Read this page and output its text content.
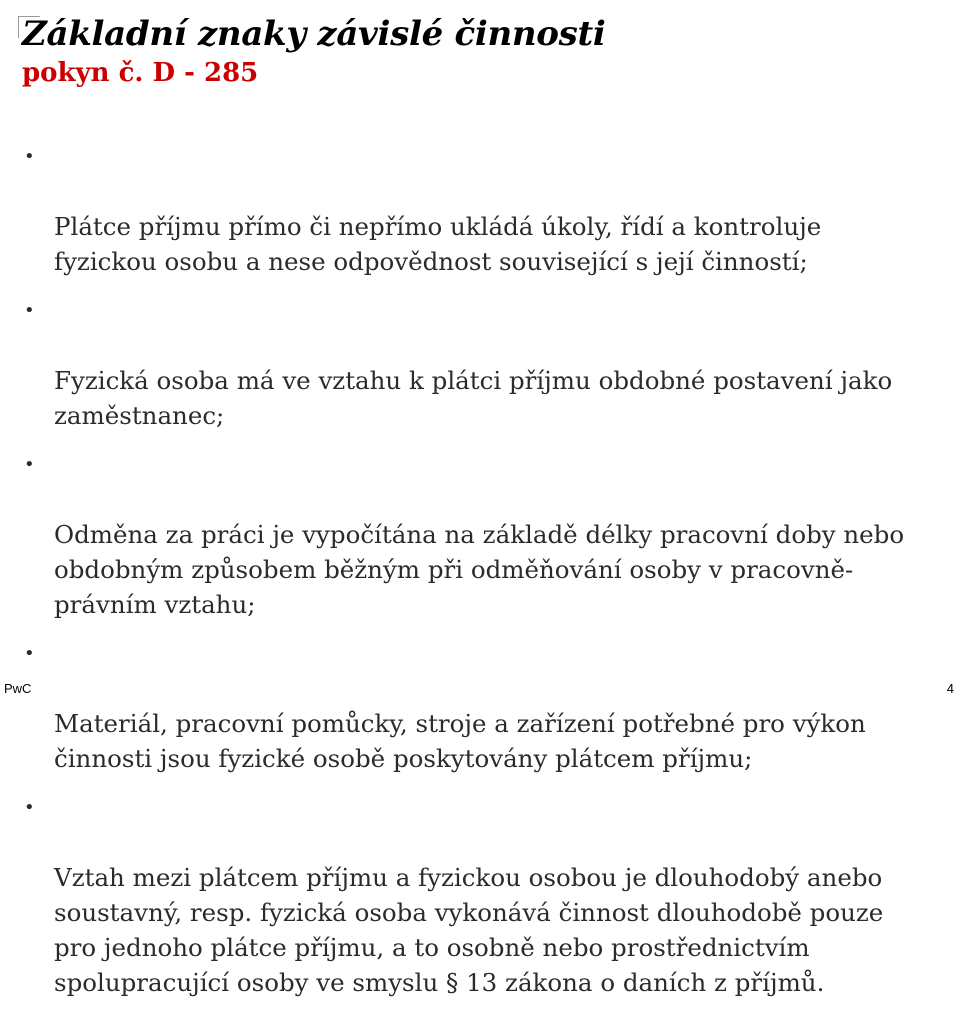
Základní znaky závislé činnosti
pokyn č. D - 285

•

Plátce příjmu přímo či nepřímo ukládá úkoly, řídí a kontroluje
fyzickou osobu a nese odpovědnost související s její činností;

•

Fyzická osoba má ve vztahu k plátci příjmu obdobné postavení jako
zaměstnanec;

•

Odměna za práci je vypočítána na základě délky pracovní doby nebo
obdobným způsobem běžným při odměňování osoby v pracovně-
právním vztahu;

•

Materiál, pracovní pomůcky, stroje a zařízení potřebné pro výkon
činnosti jsou fyzické osobě poskytovány plátcem příjmu;

•

Vztah mezi plátcem příjmu a fyzickou osobou je dlouhodobý anebo
soustavný, resp. fyzická osoba vykonává činnost dlouhodobě pouze
pro jednoho plátce příjmu, a to osobně nebo prostřednictvím
spolupracující osoby ve smyslu § 13 zákona o daních z příjmů.

PwC	4
